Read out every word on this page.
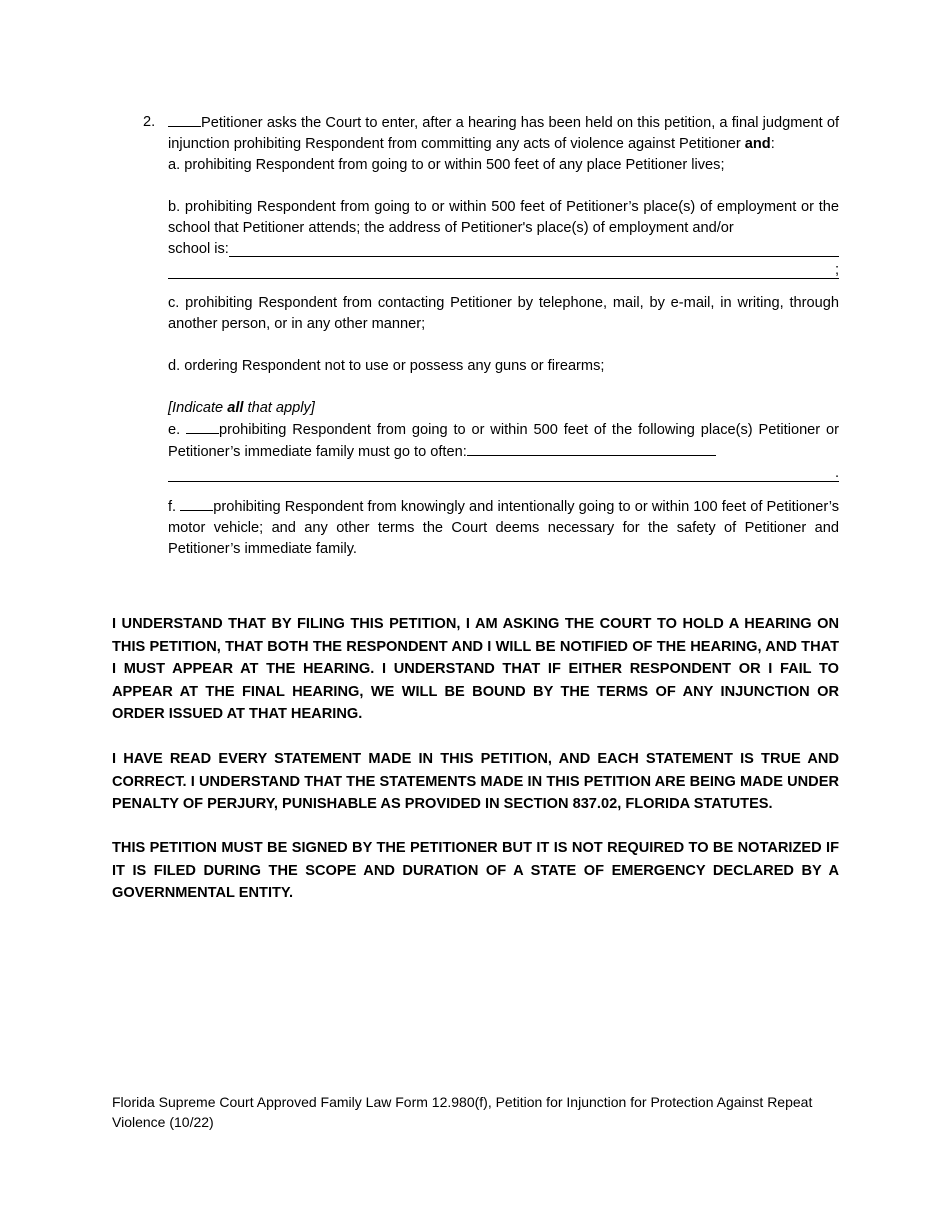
2.	Petitioner asks the Court to enter, after a hearing has been held on this petition, a final judgment of injunction prohibiting Respondent from committing any acts of violence against Petitioner and:

a. prohibiting Respondent from going to or within 500 feet of any place Petitioner lives;

b. prohibiting Respondent from going to or within 500 feet of Petitioner’s place(s) of employment or the school that Petitioner attends; the address of Petitioner's place(s) of employment and/or

school is:
;

c. prohibiting Respondent from contacting Petitioner by telephone, mail, by e-mail, in writing, through another person, or in any other manner;

d. ordering Respondent not to use or possess any guns or firearms;

[Indicate all that apply]

e. prohibiting Respondent from going to or within 500 feet of the following place(s) Petitioner or Petitioner’s immediate family must go to often:

.

f. prohibiting Respondent from knowingly and intentionally going to or within 100 feet of Petitioner’s motor vehicle; and any other terms the Court deems necessary for the safety of Petitioner and Petitioner’s immediate family.

I UNDERSTAND THAT BY FILING THIS PETITION, I AM ASKING THE COURT TO HOLD A HEARING ON THIS PETITION, THAT BOTH THE RESPONDENT AND I WILL BE NOTIFIED OF THE HEARING, AND THAT I MUST APPEAR AT THE HEARING. I UNDERSTAND THAT IF EITHER RESPONDENT OR I FAIL TO APPEAR AT THE FINAL HEARING, WE WILL BE BOUND BY THE TERMS OF ANY INJUNCTION OR ORDER ISSUED AT THAT HEARING.

I HAVE READ EVERY STATEMENT MADE IN THIS PETITION, AND EACH STATEMENT IS TRUE AND CORRECT. I UNDERSTAND THAT THE STATEMENTS MADE IN THIS PETITION ARE BEING MADE UNDER PENALTY OF PERJURY, PUNISHABLE AS PROVIDED IN SECTION 837.02, FLORIDA STATUTES.

THIS PETITION MUST BE SIGNED BY THE PETITIONER BUT IT IS NOT REQUIRED TO BE NOTARIZED IF IT IS FILED DURING THE SCOPE AND DURATION OF A STATE OF EMERGENCY DECLARED BY A GOVERNMENTAL ENTITY.

Florida Supreme Court Approved Family Law Form 12.980(f), Petition for Injunction for Protection Against Repeat Violence (10/22)
